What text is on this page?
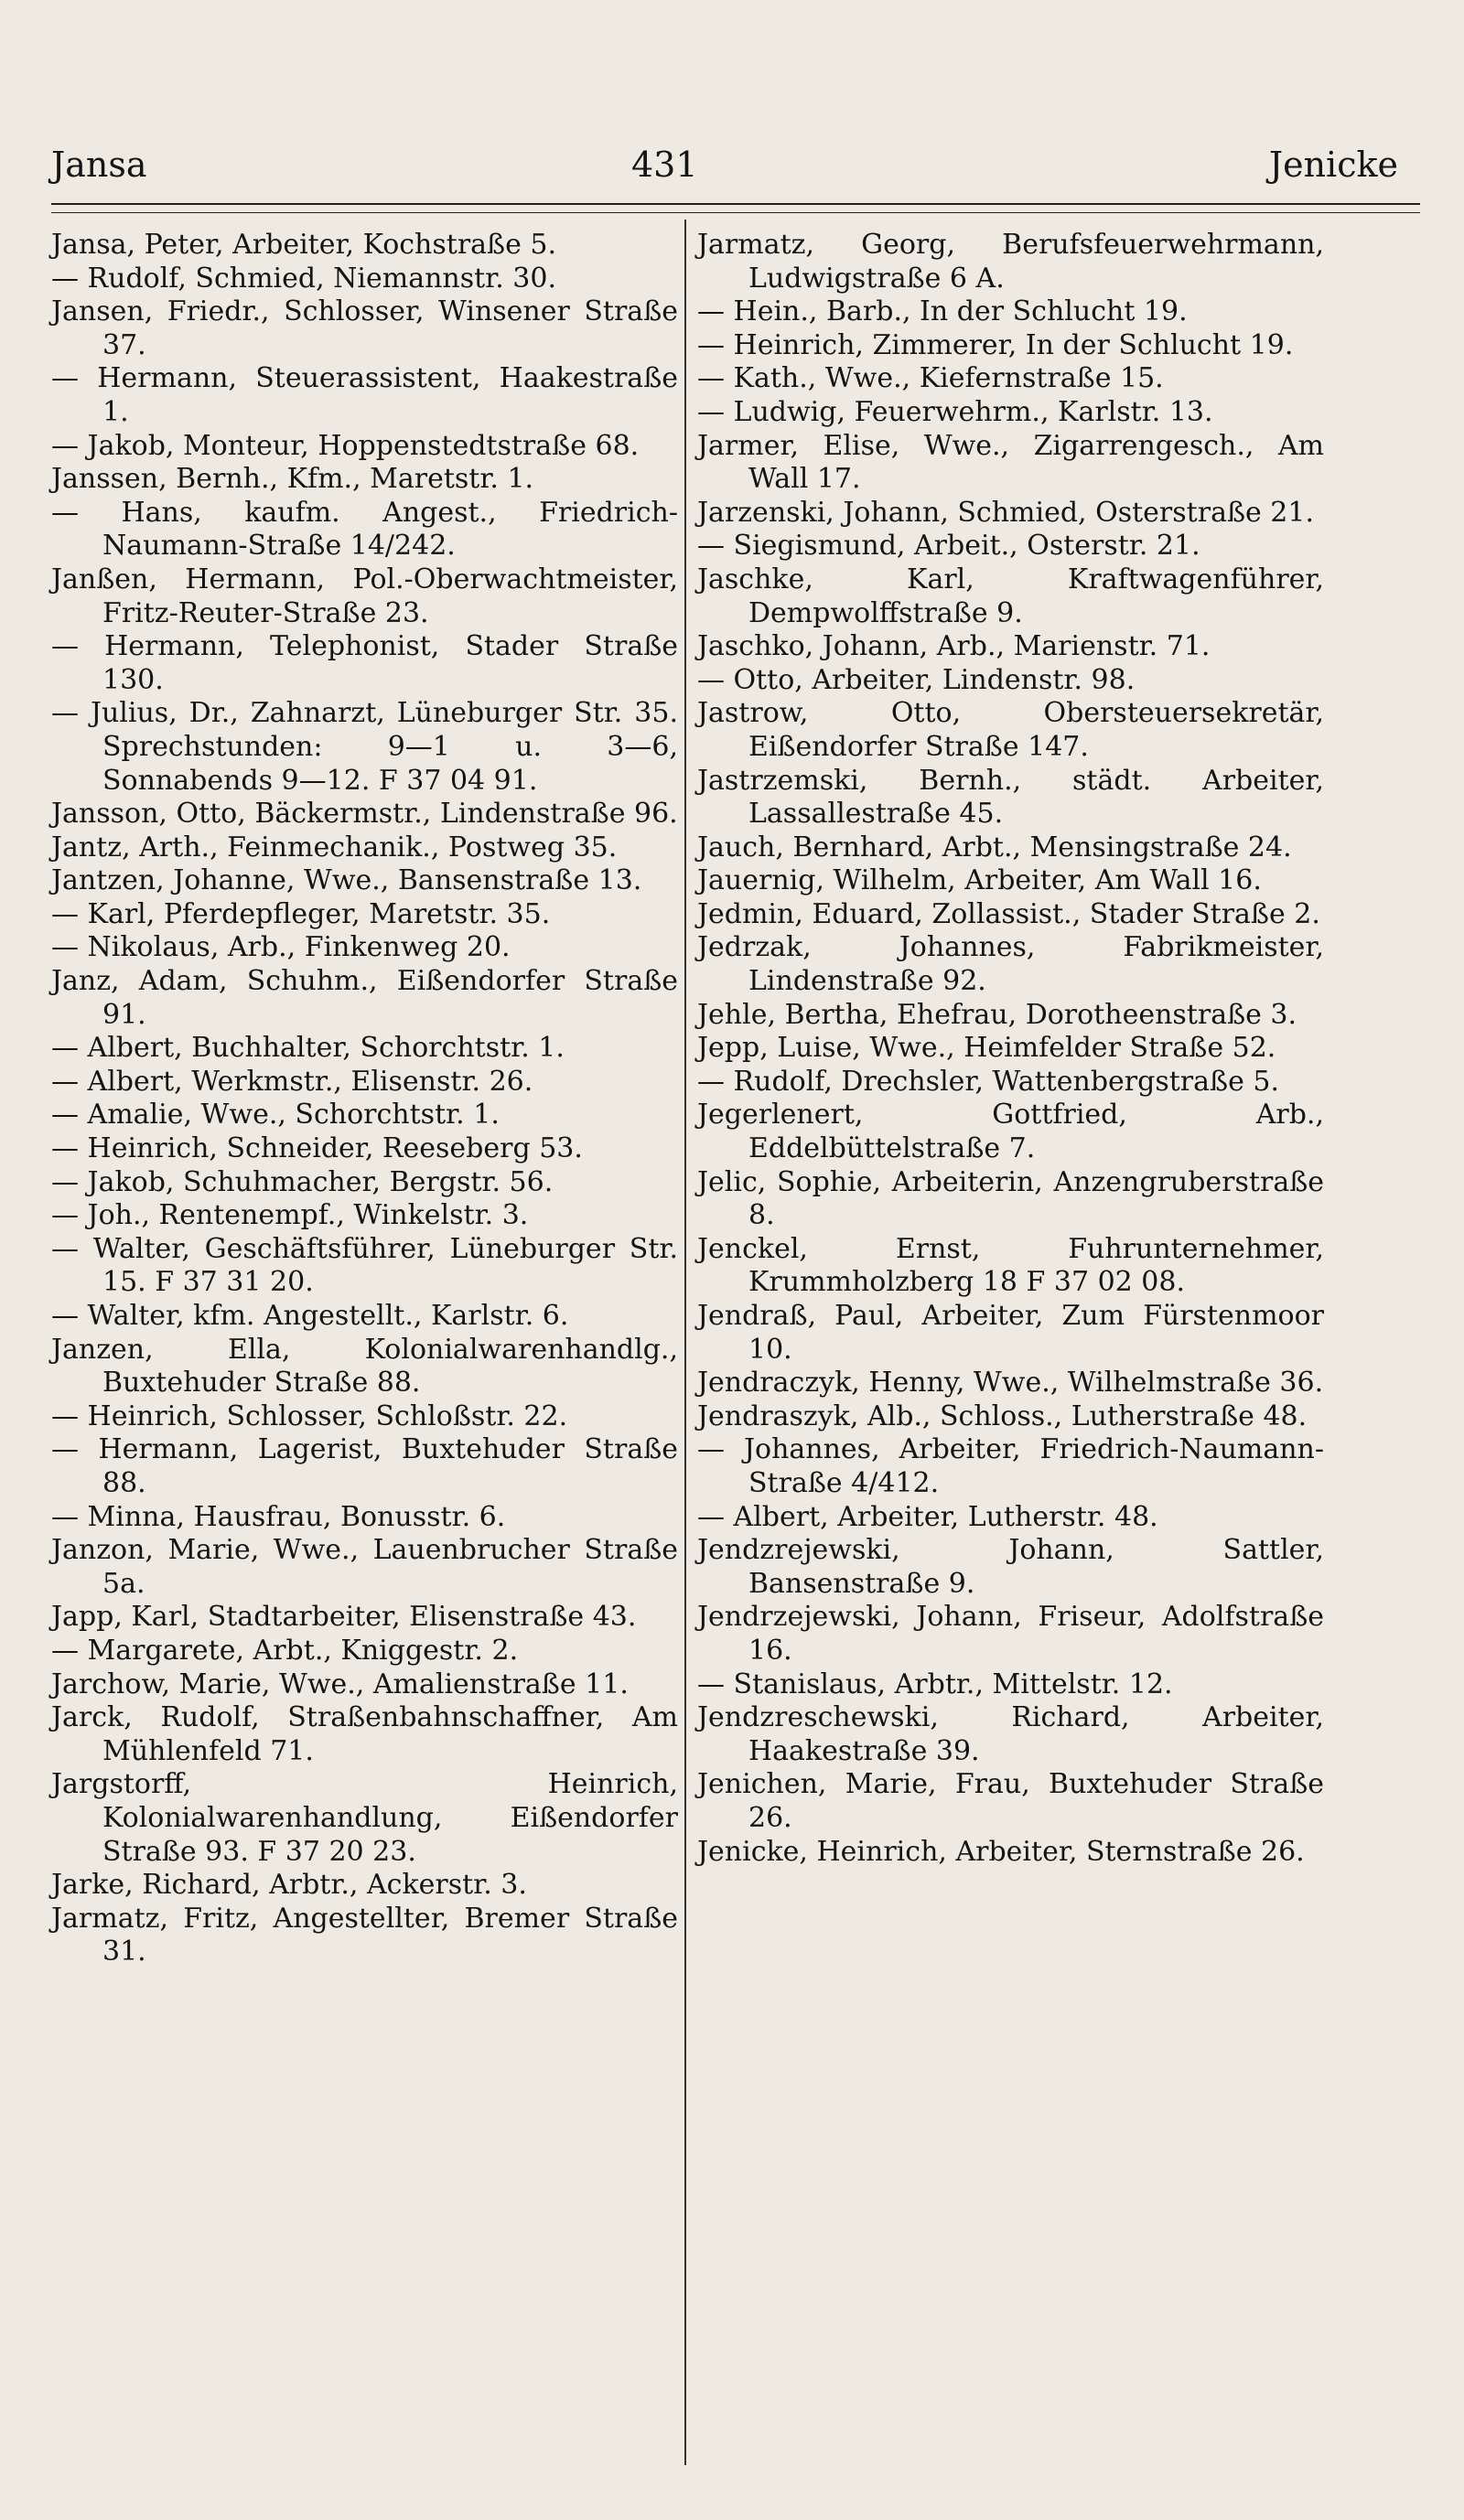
Jansa	431	Jenicke

Jansa, Peter, Arbeiter, Kochstraße 5.

— Rudolf, Schmied, Niemannstr. 30.

Jansen, Friedr., Schlosser, Winsener Straße 37.

— Hermann, Steuerassistent, Haakestraße 1.

— Jakob, Monteur, Hoppenstedtstraße 68.

Janssen, Bernh., Kfm., Maretstr. 1.

— Hans, kaufm. Angest., Friedrich-Naumann-Straße 14/242.

Janßen, Hermann, Pol.-Oberwachtmeister, Fritz-Reuter-Straße 23.

— Hermann, Telephonist, Stader Straße 130.

— Julius, Dr., Zahnarzt, Lüneburger Str. 35. Sprechstunden: 9—1 u. 3—6, Sonnabends 9—12. F 37 04 91.

Jansson, Otto, Bäckermstr., Lindenstraße 96.

Jantz, Arth., Feinmechanik., Postweg 35.

Jantzen, Johanne, Wwe., Bansenstraße 13.

— Karl, Pferdepfleger, Maretstr. 35.

— Nikolaus, Arb., Finkenweg 20.

Janz, Adam, Schuhm., Eißendorfer Straße 91.

— Albert, Buchhalter, Schorchtstr. 1.

— Albert, Werkmstr., Elisenstr. 26.

— Amalie, Wwe., Schorchtstr. 1.

— Heinrich, Schneider, Reeseberg 53.

— Jakob, Schuhmacher, Bergstr. 56.

— Joh., Rentenempf., Winkelstr. 3.

— Walter, Geschäftsführer, Lüneburger Str. 15. F 37 31 20.

— Walter, kfm. Angestellt., Karlstr. 6.

Janzen, Ella, Kolonialwarenhandlg., Buxtehuder Straße 88.

— Heinrich, Schlosser, Schloßstr. 22.

— Hermann, Lagerist, Buxtehuder Straße 88.

— Minna, Hausfrau, Bonusstr. 6.

Janzon, Marie, Wwe., Lauenbrucher Straße 5a.

Japp, Karl, Stadtarbeiter, Elisenstraße 43.

— Margarete, Arbt., Kniggestr. 2.

Jarchow, Marie, Wwe., Amalienstraße 11.

Jarck, Rudolf, Straßenbahnschaffner, Am Mühlenfeld 71.

Jargstorff, Heinrich, Kolonialwarenhandlung, Eißendorfer Straße 93. F 37 20 23.

Jarke, Richard, Arbtr., Ackerstr. 3.

Jarmatz, Fritz, Angestellter, Bremer Straße 31.

Jarmatz, Georg, Berufsfeuerwehrmann, Ludwigstraße 6 A.

— Hein., Barb., In der Schlucht 19.

— Heinrich, Zimmerer, In der Schlucht 19.

— Kath., Wwe., Kiefernstraße 15.

— Ludwig, Feuerwehrm., Karlstr. 13.

Jarmer, Elise, Wwe., Zigarrengesch., Am Wall 17.

Jarzenski, Johann, Schmied, Osterstraße 21.

— Siegismund, Arbeit., Osterstr. 21.

Jaschke, Karl, Kraftwagenführer, Dempwolffstraße 9.

Jaschko, Johann, Arb., Marienstr. 71.

— Otto, Arbeiter, Lindenstr. 98.

Jastrow, Otto, Obersteuersekretär, Eißendorfer Straße 147.

Jastrzemski, Bernh., städt. Arbeiter, Lassallestraße 45.

Jauch, Bernhard, Arbt., Mensingstraße 24.

Jauernig, Wilhelm, Arbeiter, Am Wall 16.

Jedmin, Eduard, Zollassist., Stader Straße 2.

Jedrzak, Johannes, Fabrikmeister, Lindenstraße 92.

Jehle, Bertha, Ehefrau, Dorotheenstraße 3.

Jepp, Luise, Wwe., Heimfelder Straße 52.

— Rudolf, Drechsler, Wattenbergstraße 5.

Jegerlenert, Gottfried, Arb., Eddelbüttelstraße 7.

Jelic, Sophie, Arbeiterin, Anzengruberstraße 8.

Jenckel, Ernst, Fuhrunternehmer, Krummholzberg 18 F 37 02 08.

Jendraß, Paul, Arbeiter, Zum Fürstenmoor 10.

Jendraczyk, Henny, Wwe., Wilhelmstraße 36.

Jendraszyk, Alb., Schloss., Lutherstraße 48.

— Johannes, Arbeiter, Friedrich-Naumann-Straße 4/412.

— Albert, Arbeiter, Lutherstr. 48.

Jendzrejewski, Johann, Sattler, Bansenstraße 9.

Jendrzejewski, Johann, Friseur, Adolfstraße 16.

— Stanislaus, Arbtr., Mittelstr. 12.

Jendzreschewski, Richard, Arbeiter, Haakestraße 39.

Jenichen, Marie, Frau, Buxtehuder Straße 26.

Jenicke, Heinrich, Arbeiter, Sternstraße 26.
